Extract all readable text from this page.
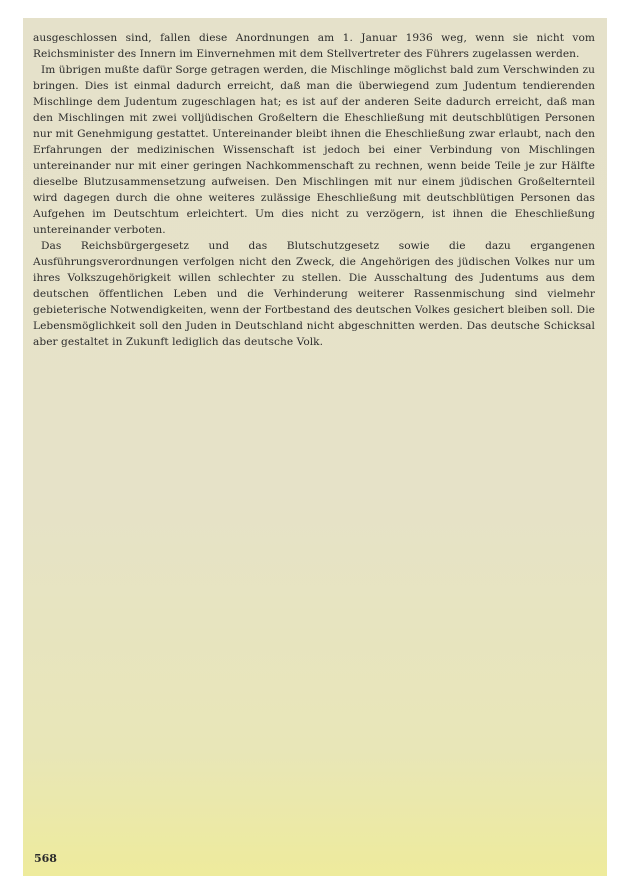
ausgeschlossen sind, fallen diese Anordnungen am 1. Januar 1936 weg, wenn sie nicht vom Reichsminister des Innern im Einvernehmen mit dem Stellvertreter des Führers zugelassen werden.

Im übrigen mußte dafür Sorge getragen werden, die Mischlinge möglichst bald zum Verschwinden zu bringen. Dies ist einmal dadurch erreicht, daß man die überwiegend zum Judentum tendierenden Mischlinge dem Judentum zugeschlagen hat; es ist auf der anderen Seite dadurch erreicht, daß man den Mischlingen mit zwei volljüdischen Großeltern die Eheschließung mit deutschblütigen Personen nur mit Genehmigung gestattet. Untereinander bleibt ihnen die Eheschließung zwar erlaubt, nach den Erfahrungen der medizinischen Wissenschaft ist jedoch bei einer Verbindung von Mischlingen untereinander nur mit einer geringen Nachkommenschaft zu rechnen, wenn beide Teile je zur Hälfte dieselbe Blutzusammensetzung aufweisen. Den Mischlingen mit nur einem jüdischen Großelternteil wird dagegen durch die ohne weiteres zulässige Eheschließung mit deutschblütigen Personen das Aufgehen im Deutschtum erleichtert. Um dies nicht zu verzögern, ist ihnen die Eheschließung untereinander verboten.

Das Reichsbürgergesetz und das Blutschutzgesetz sowie die dazu ergangenen Ausführungsverordnungen verfolgen nicht den Zweck, die Angehörigen des jüdischen Volkes nur um ihres Volkszugehörigkeit willen schlechter zu stellen. Die Ausschaltung des Judentums aus dem deutschen öffentlichen Leben und die Verhinderung weiterer Rassenmischung sind vielmehr gebieterische Notwendigkeiten, wenn der Fortbestand des deutschen Volkes gesichert bleiben soll. Die Lebensmöglichkeit soll den Juden in Deutschland nicht abgeschnitten werden. Das deutsche Schicksal aber gestaltet in Zukunft lediglich das deutsche Volk.

568
